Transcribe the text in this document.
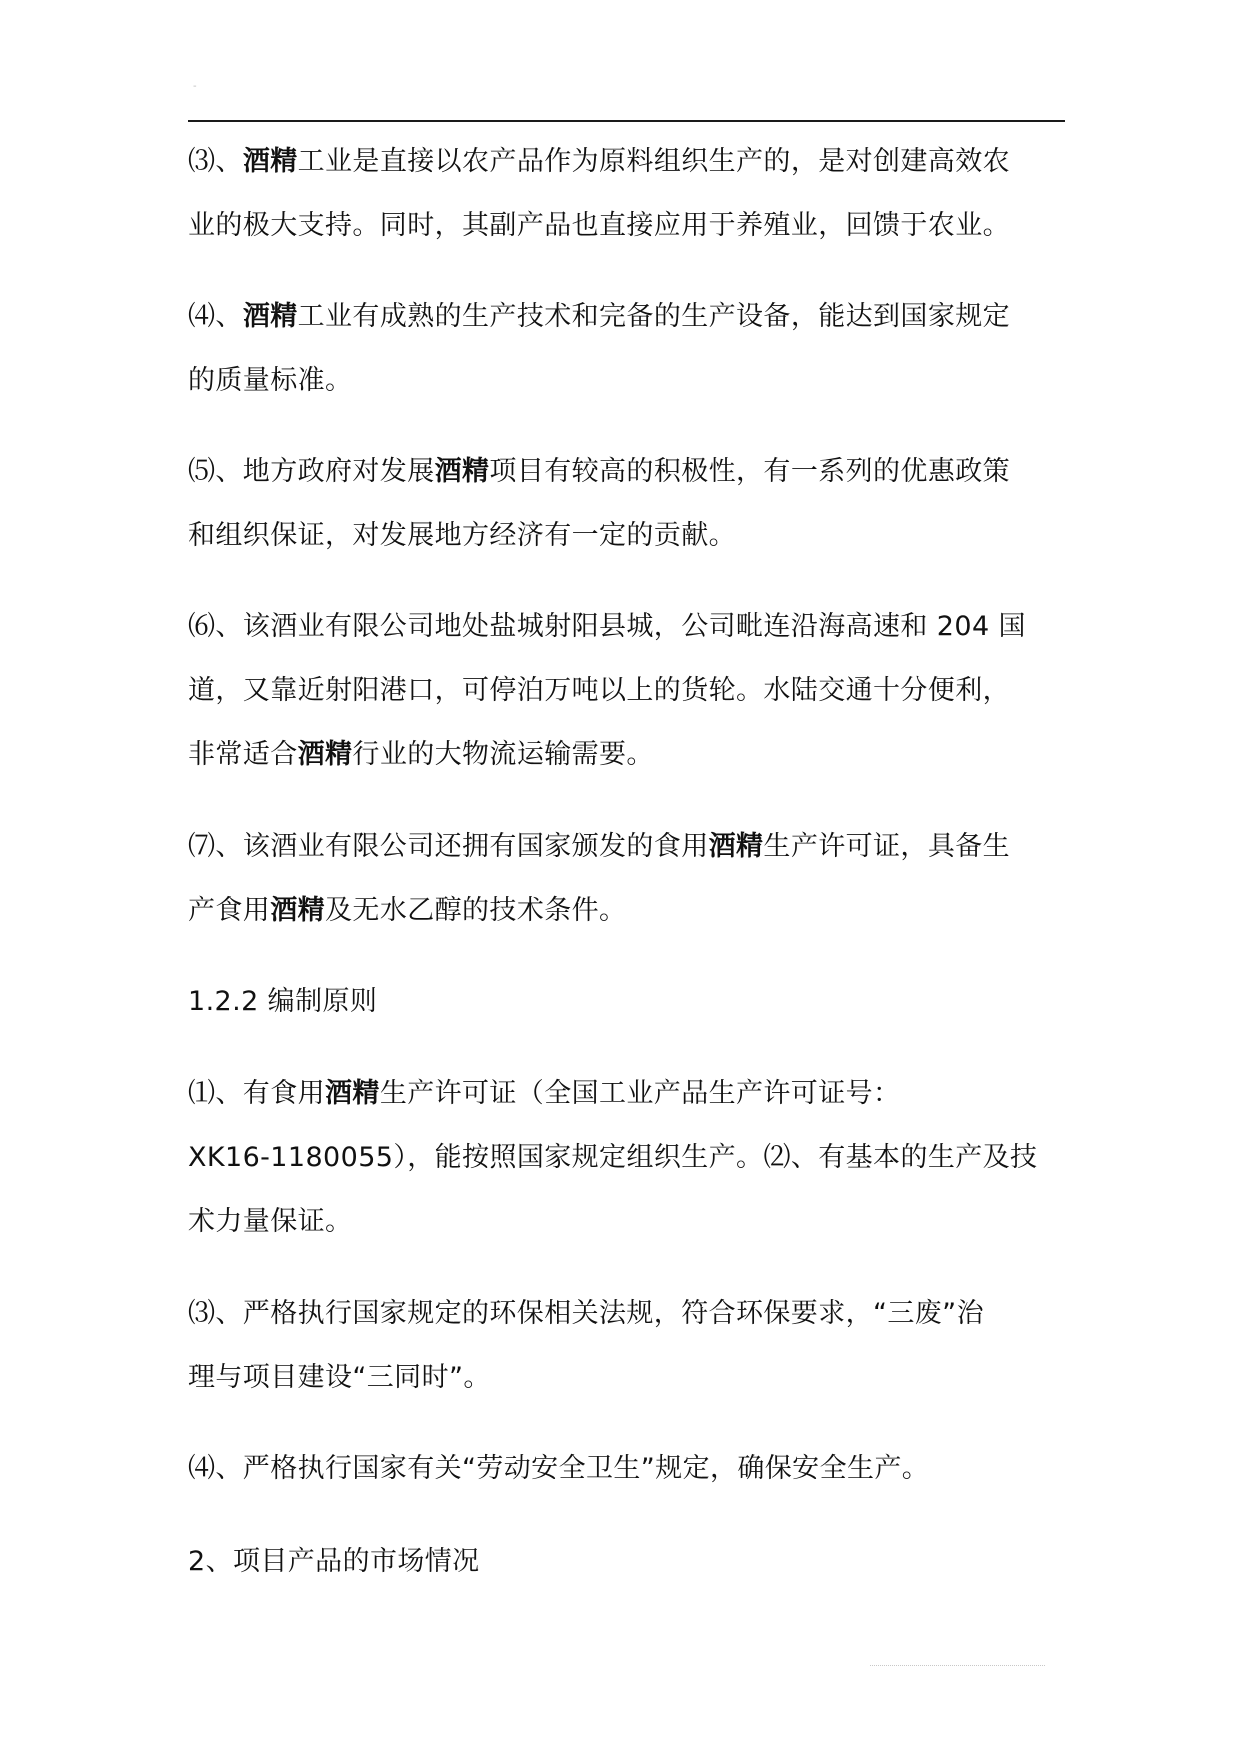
-
⑶、酒精工业是直接以农产品作为原料组织生产的，是对创建高效农
业的极大支持。同时，其副产品也直接应用于养殖业，回馈于农业。
⑷、酒精工业有成熟的生产技术和完备的生产设备，能达到国家规定
的质量标准。
⑸、地方政府对发展酒精项目有较高的积极性，有一系列的优惠政策
和组织保证，对发展地方经济有一定的贡献。
⑹、该酒业有限公司地处盐城射阳县城，公司毗连沿海高速和 204 国
道，又靠近射阳港口，可停泊万吨以上的货轮。水陆交通十分便利，
非常适合酒精行业的大物流运输需要。
⑺、该酒业有限公司还拥有国家颁发的食用酒精生产许可证，具备生
产食用酒精及无水乙醇的技术条件。
1.2.2 编制原则
⑴、有食用酒精生产许可证（全国工业产品生产许可证号：
XK16-1180055），能按照国家规定组织生产。⑵、有基本的生产及技
术力量保证。
⑶、严格执行国家规定的环保相关法规，符合环保要求，“三废”治
理与项目建设“三同时”。
⑷、严格执行国家有关“劳动安全卫生”规定，确保安全生产。
2、项目产品的市场情况
